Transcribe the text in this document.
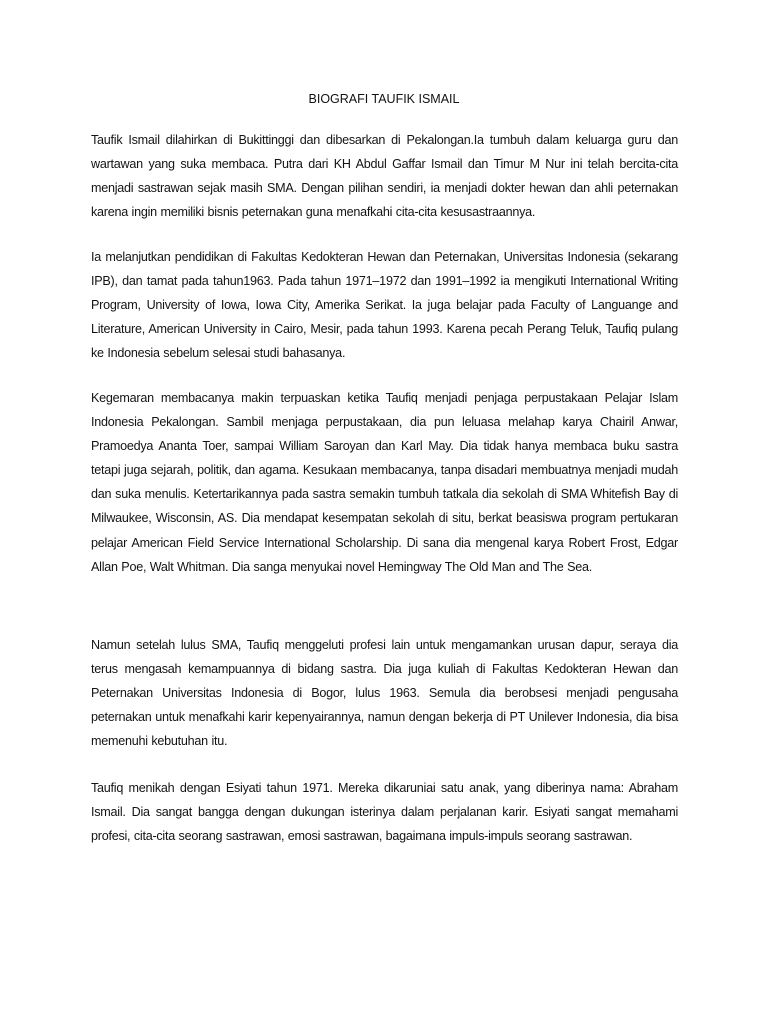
BIOGRAFI TAUFIK ISMAIL

Taufik Ismail dilahirkan di Bukittinggi dan dibesarkan di Pekalongan.Ia tumbuh dalam keluarga guru dan wartawan yang suka membaca. Putra dari KH Abdul Gaffar Ismail dan Timur M Nur ini telah bercita-cita menjadi sastrawan sejak masih SMA. Dengan pilihan sendiri, ia menjadi dokter hewan dan ahli peternakan karena ingin memiliki bisnis peternakan guna menafkahi cita-cita kesusastraannya.

Ia melanjutkan pendidikan di Fakultas Kedokteran Hewan dan Peternakan, Universitas Indonesia (sekarang IPB), dan tamat pada tahun1963. Pada tahun 1971–1972 dan 1991–1992 ia mengikuti International Writing Program, University of Iowa, Iowa City, Amerika Serikat. Ia juga belajar pada Faculty of Languange and Literature, American University in Cairo, Mesir, pada tahun 1993. Karena pecah Perang Teluk, Taufiq pulang ke Indonesia sebelum selesai studi bahasanya.

Kegemaran membacanya makin terpuaskan ketika Taufiq menjadi penjaga perpustakaan Pelajar Islam Indonesia Pekalongan. Sambil menjaga perpustakaan, dia pun leluasa melahap karya Chairil Anwar, Pramoedya Ananta Toer, sampai William Saroyan dan Karl May. Dia tidak hanya membaca buku sastra tetapi juga sejarah, politik, dan agama. Kesukaan membacanya, tanpa disadari membuatnya menjadi mudah dan suka menulis. Ketertarikannya pada sastra semakin tumbuh tatkala dia sekolah di SMA Whitefish Bay di Milwaukee, Wisconsin, AS. Dia mendapat kesempatan sekolah di situ, berkat beasiswa program pertukaran pelajar American Field Service International Scholarship. Di sana dia mengenal karya Robert Frost, Edgar Allan Poe, Walt Whitman. Dia sanga menyukai novel Hemingway The Old Man and The Sea.

Namun setelah lulus SMA, Taufiq menggeluti profesi lain untuk mengamankan urusan dapur, seraya dia terus mengasah kemampuannya di bidang sastra. Dia juga kuliah di Fakultas Kedokteran Hewan dan Peternakan Universitas Indonesia di Bogor, lulus 1963. Semula dia berobsesi menjadi pengusaha peternakan untuk menafkahi karir kepenyairannya, namun dengan bekerja di PT Unilever Indonesia, dia bisa memenuhi kebutuhan itu.

Taufiq menikah dengan Esiyati tahun 1971. Mereka dikaruniai satu anak, yang diberinya nama: Abraham Ismail. Dia sangat bangga dengan dukungan isterinya dalam perjalanan karir. Esiyati sangat memahami profesi, cita-cita seorang sastrawan, emosi sastrawan, bagaimana impuls-impuls seorang sastrawan.
